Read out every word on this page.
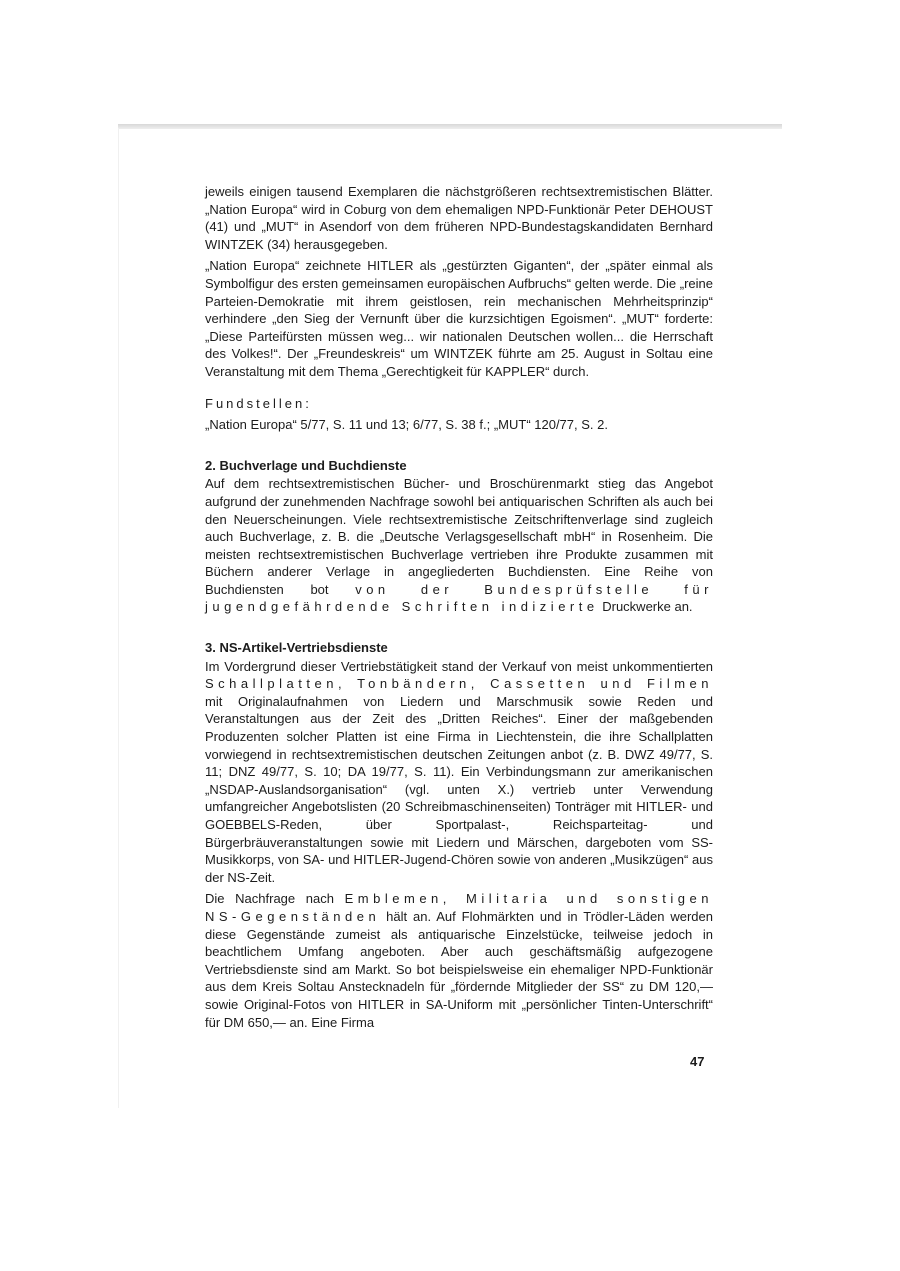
jeweils einigen tausend Exemplaren die nächstgrößeren rechtsextremistischen Blätter. „Nation Europa“ wird in Coburg von dem ehemaligen NPD-Funktionär Peter DEHOUST (41) und „MUT“ in Asendorf von dem früheren NPD-Bundestagskandidaten Bernhard WINTZEK (34) herausgegeben.

„Nation Europa“ zeichnete HITLER als „gestürzten Giganten“, der „später einmal als Symbolfigur des ersten gemeinsamen europäischen Aufbruchs“ gelten werde. Die „reine Parteien-Demokratie mit ihrem geistlosen, rein mechanischen Mehrheitsprinzip“ verhindere „den Sieg der Vernunft über die kurzsichtigen Egoismen“. „MUT“ forderte: „Diese Parteifürsten müssen weg... wir nationalen Deutschen wollen... die Herrschaft des Volkes!“. Der „Freundeskreis“ um WINTZEK führte am 25. August in Soltau eine Veranstaltung mit dem Thema „Gerechtigkeit für KAPPLER“ durch.

Fundstellen:

„Nation Europa“ 5/77, S. 11 und 13; 6/77, S. 38 f.; „MUT“ 120/77, S. 2.

2. Buchverlage und Buchdienste

Auf dem rechtsextremistischen Bücher- und Broschürenmarkt stieg das Angebot aufgrund der zunehmenden Nachfrage sowohl bei antiquarischen Schriften als auch bei den Neuerscheinungen. Viele rechtsextremistische Zeitschriftenverlage sind zugleich auch Buchverlage, z. B. die „Deutsche Verlagsgesellschaft mbH“ in Rosenheim. Die meisten rechtsextremistischen Buchverlage vertrieben ihre Produkte zusammen mit Büchern anderer Verlage in angegliederten Buchdiensten. Eine Reihe von Buchdiensten bot von der Bundesprüfstelle für jugendgefährdende Schriften indizierte Druckwerke an.

3. NS-Artikel-Vertriebsdienste

Im Vordergrund dieser Vertriebstätigkeit stand der Verkauf von meist unkommentierten Schallplatten, Tonbändern, Cassetten und Filmen mit Originalaufnahmen von Liedern und Marschmusik sowie Reden und Veranstaltungen aus der Zeit des „Dritten Reiches“. Einer der maßgebenden Produzenten solcher Platten ist eine Firma in Liechtenstein, die ihre Schallplatten vorwiegend in rechtsextremistischen deutschen Zeitungen anbot (z. B. DWZ 49/77, S. 11; DNZ 49/77, S. 10; DA 19/77, S. 11). Ein Verbindungsmann zur amerikanischen „NSDAP-Auslandsorganisation“ (vgl. unten X.) vertrieb unter Verwendung umfangreicher Angebotslisten (20 Schreibmaschinenseiten) Tonträger mit HITLER- und GOEBBELS-Reden, über Sportpalast-, Reichsparteitag- und Bürgerbräuveranstaltungen sowie mit Liedern und Märschen, dargeboten vom SS-Musikkorps, von SA- und HITLER-Jugend-Chören sowie von anderen „Musikzügen“ aus der NS-Zeit.

Die Nachfrage nach Emblemen, Militaria und sonstigen NS-Gegenständen hält an. Auf Flohmärkten und in Trödler-Läden werden diese Gegenstände zumeist als antiquarische Einzelstücke, teilweise jedoch in beachtlichem Umfang angeboten. Aber auch geschäftsmäßig aufgezogene Vertriebsdienste sind am Markt. So bot beispielsweise ein ehemaliger NPD-Funktionär aus dem Kreis Soltau Anstecknadeln für „fördernde Mitglieder der SS“ zu DM 120,— sowie Original-Fotos von HITLER in SA-Uniform mit „persönlicher Tinten-Unterschrift“ für DM 650,— an. Eine Firma

47
